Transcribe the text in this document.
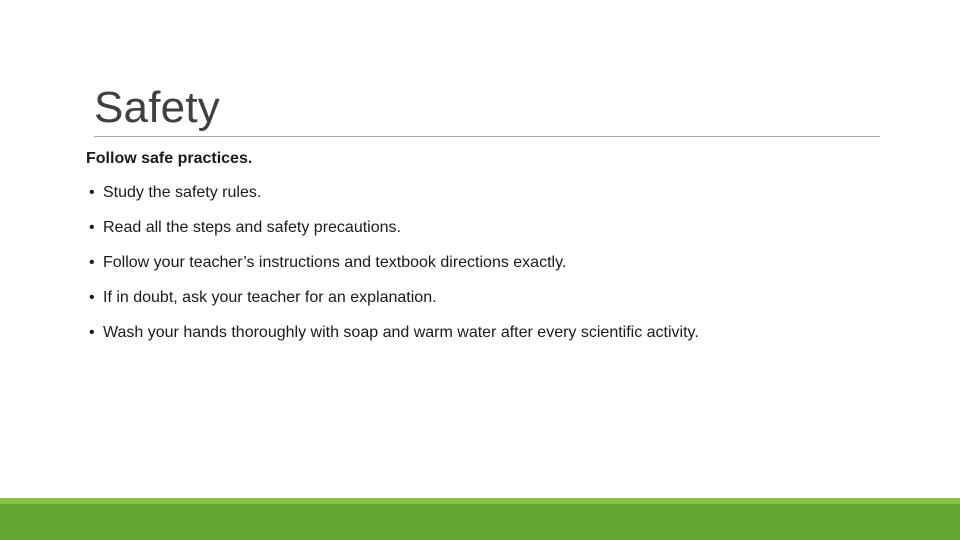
Safety

Follow safe practices.

• Study the safety rules.
• Read all the steps and safety precautions.
• Follow your teacher’s instructions and textbook directions exactly.
• If in doubt, ask your teacher for an explanation.
• Wash your hands thoroughly with soap and warm water after every scientific activity.
